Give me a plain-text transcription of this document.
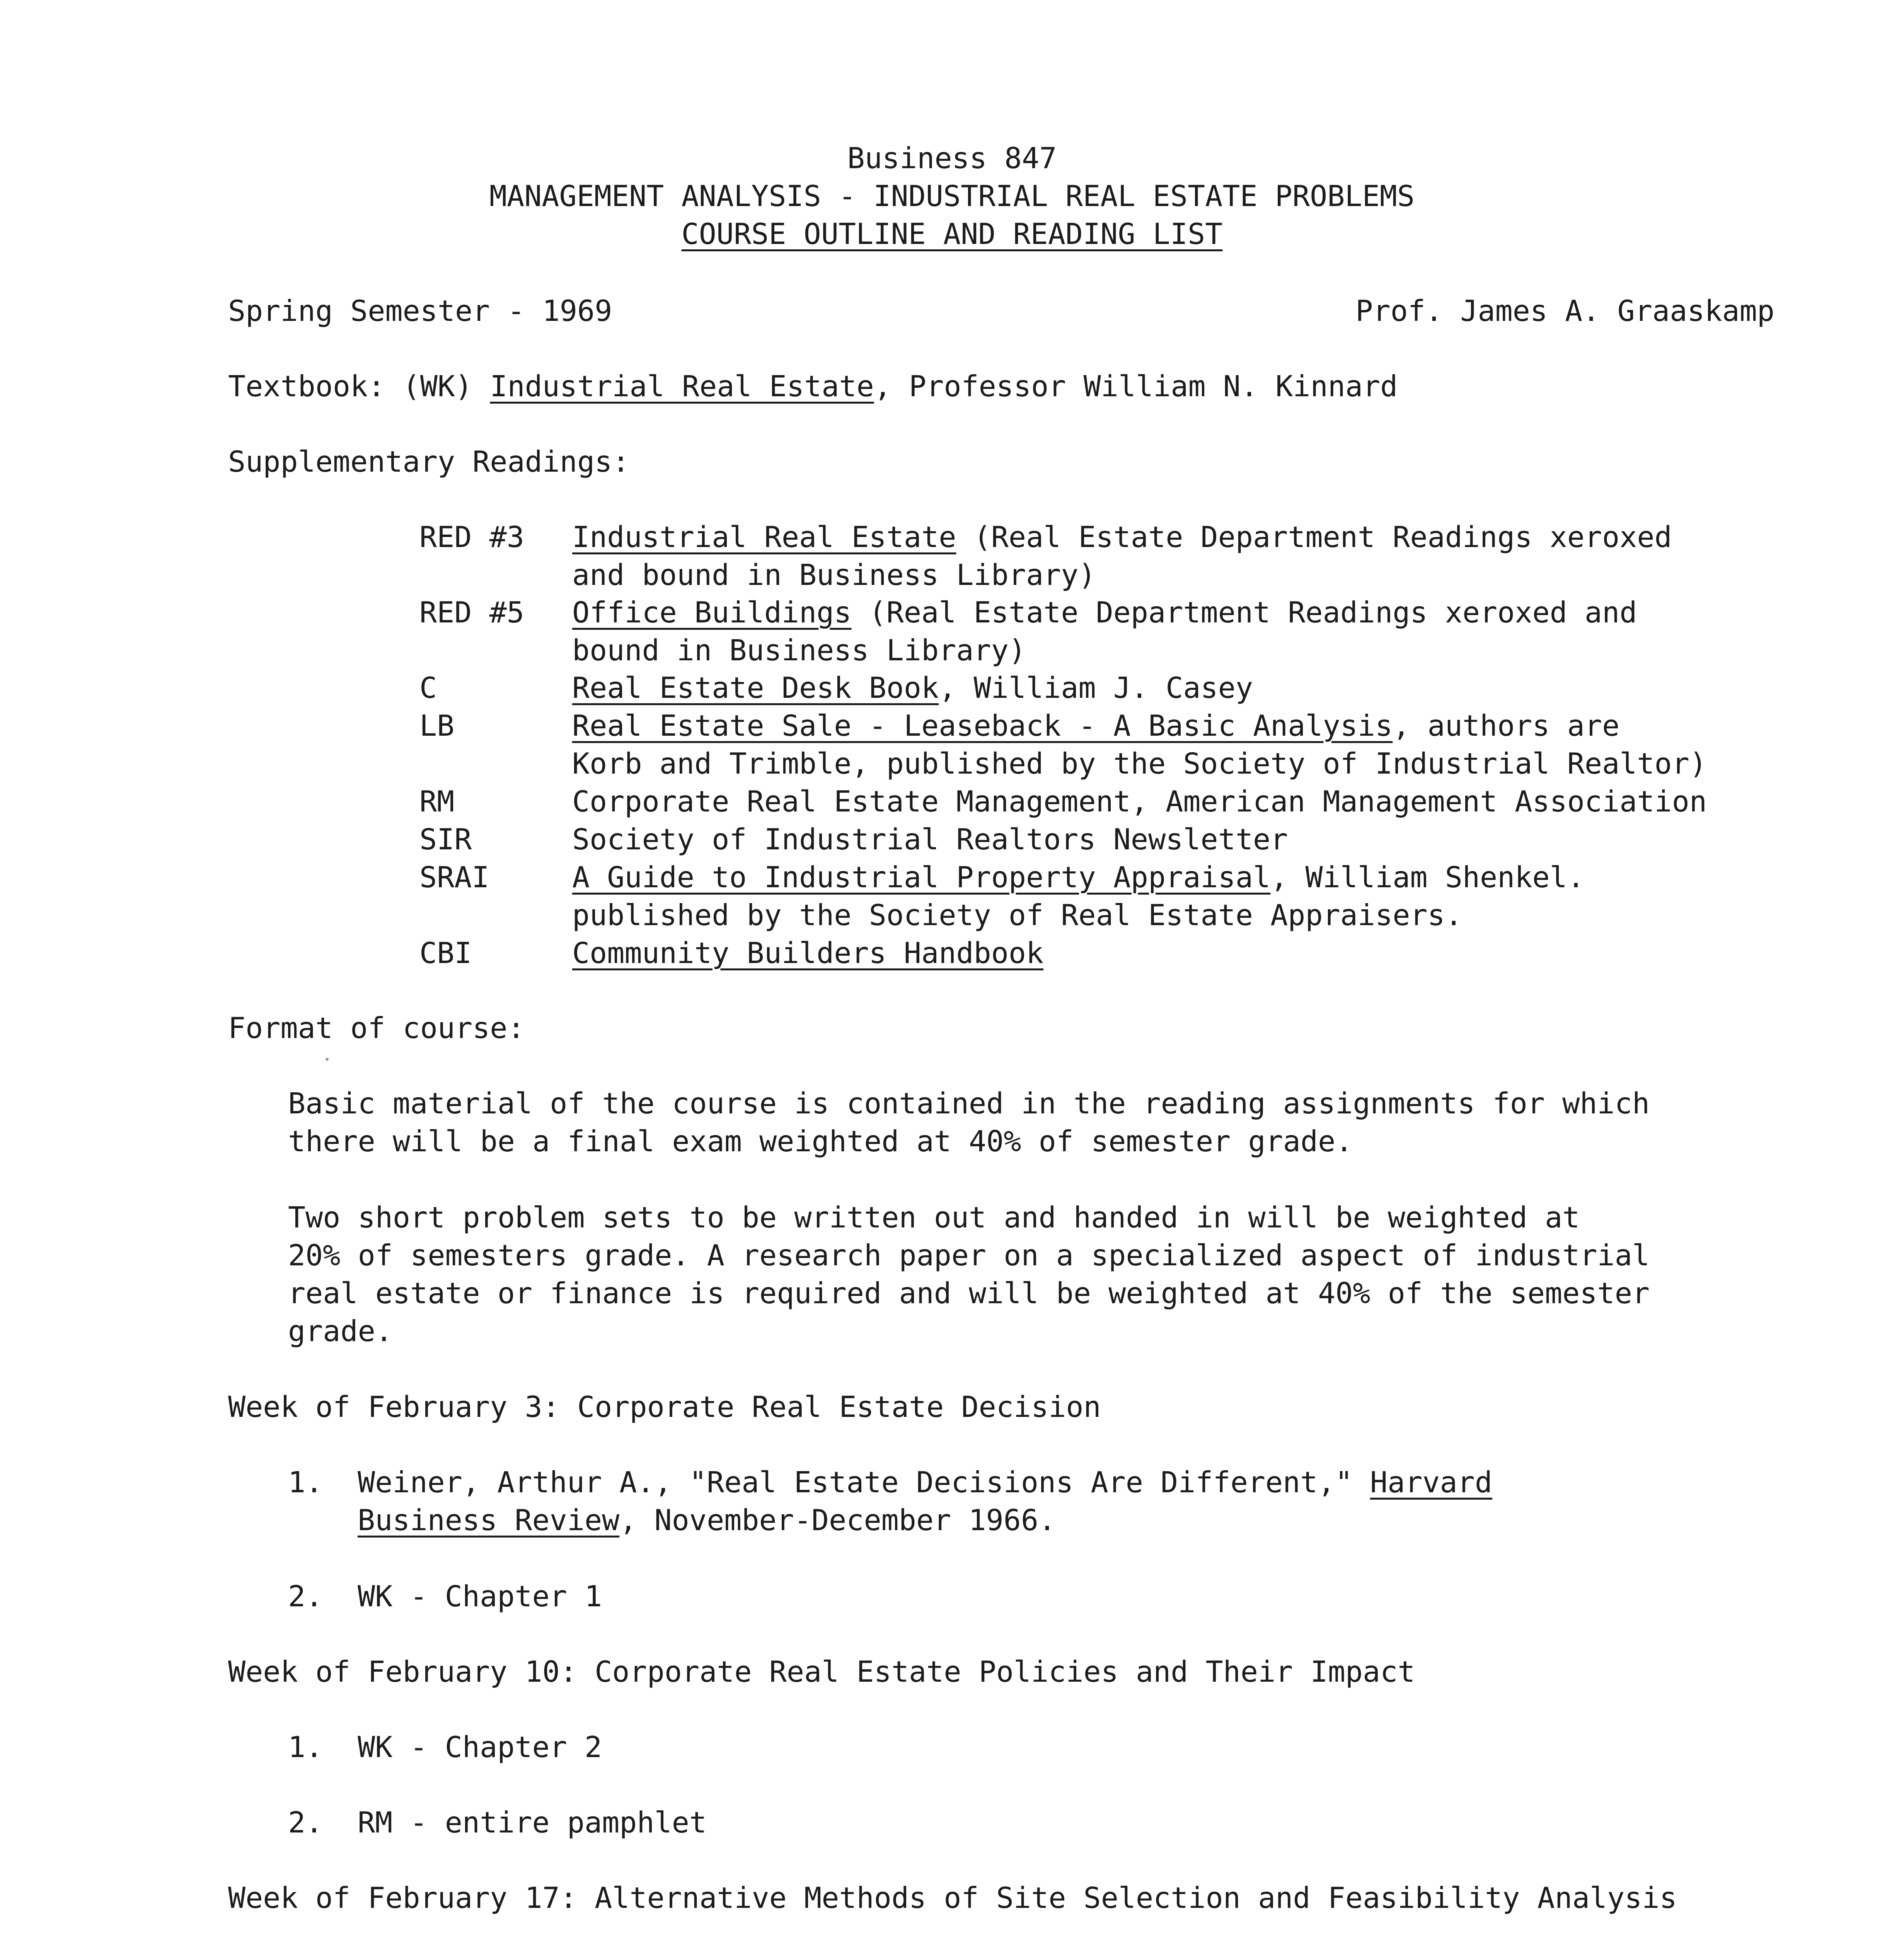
Business 847
MANAGEMENT ANALYSIS - INDUSTRIAL REAL ESTATE PROBLEMS
COURSE OUTLINE AND READING LIST
Spring Semester - 1969	Prof. James A. Graaskamp
Textbook: (WK) Industrial Real Estate, Professor William N. Kinnard
Supplementary Readings:
RED #3	Industrial Real Estate (Real Estate Department Readings xeroxed
and bound in Business Library)
RED #5	Office Buildings (Real Estate Department Readings xeroxed and
bound in Business Library)
C	Real Estate Desk Book, William J. Casey
LB	Real Estate Sale - Leaseback - A Basic Analysis, authors are
Korb and Trimble, published by the Society of Industrial Realtor)
RM	Corporate Real Estate Management, American Management Association
SIR	Society of Industrial Realtors Newsletter
SRAI	A Guide to Industrial Property Appraisal, William Shenkel.
published by the Society of Real Estate Appraisers.
CBI	Community Builders Handbook
Format of course:
Basic material of the course is contained in the reading assignments for which
there will be a final exam weighted at 40% of semester grade.
Two short problem sets to be written out and handed in will be weighted at
20% of semesters grade. A research paper on a specialized aspect of industrial
real estate or finance is required and will be weighted at 40% of the semester
grade.
Week of February 3: Corporate Real Estate Decision
1.	Weiner, Arthur A., "Real Estate Decisions Are Different," Harvard
Business Review, November-December 1966.
2.	WK - Chapter 1
Week of February 10: Corporate Real Estate Policies and Their Impact
1.	WK - Chapter 2
2.	RM - entire pamphlet
Week of February 17: Alternative Methods of Site Selection and Feasibility Analysis
